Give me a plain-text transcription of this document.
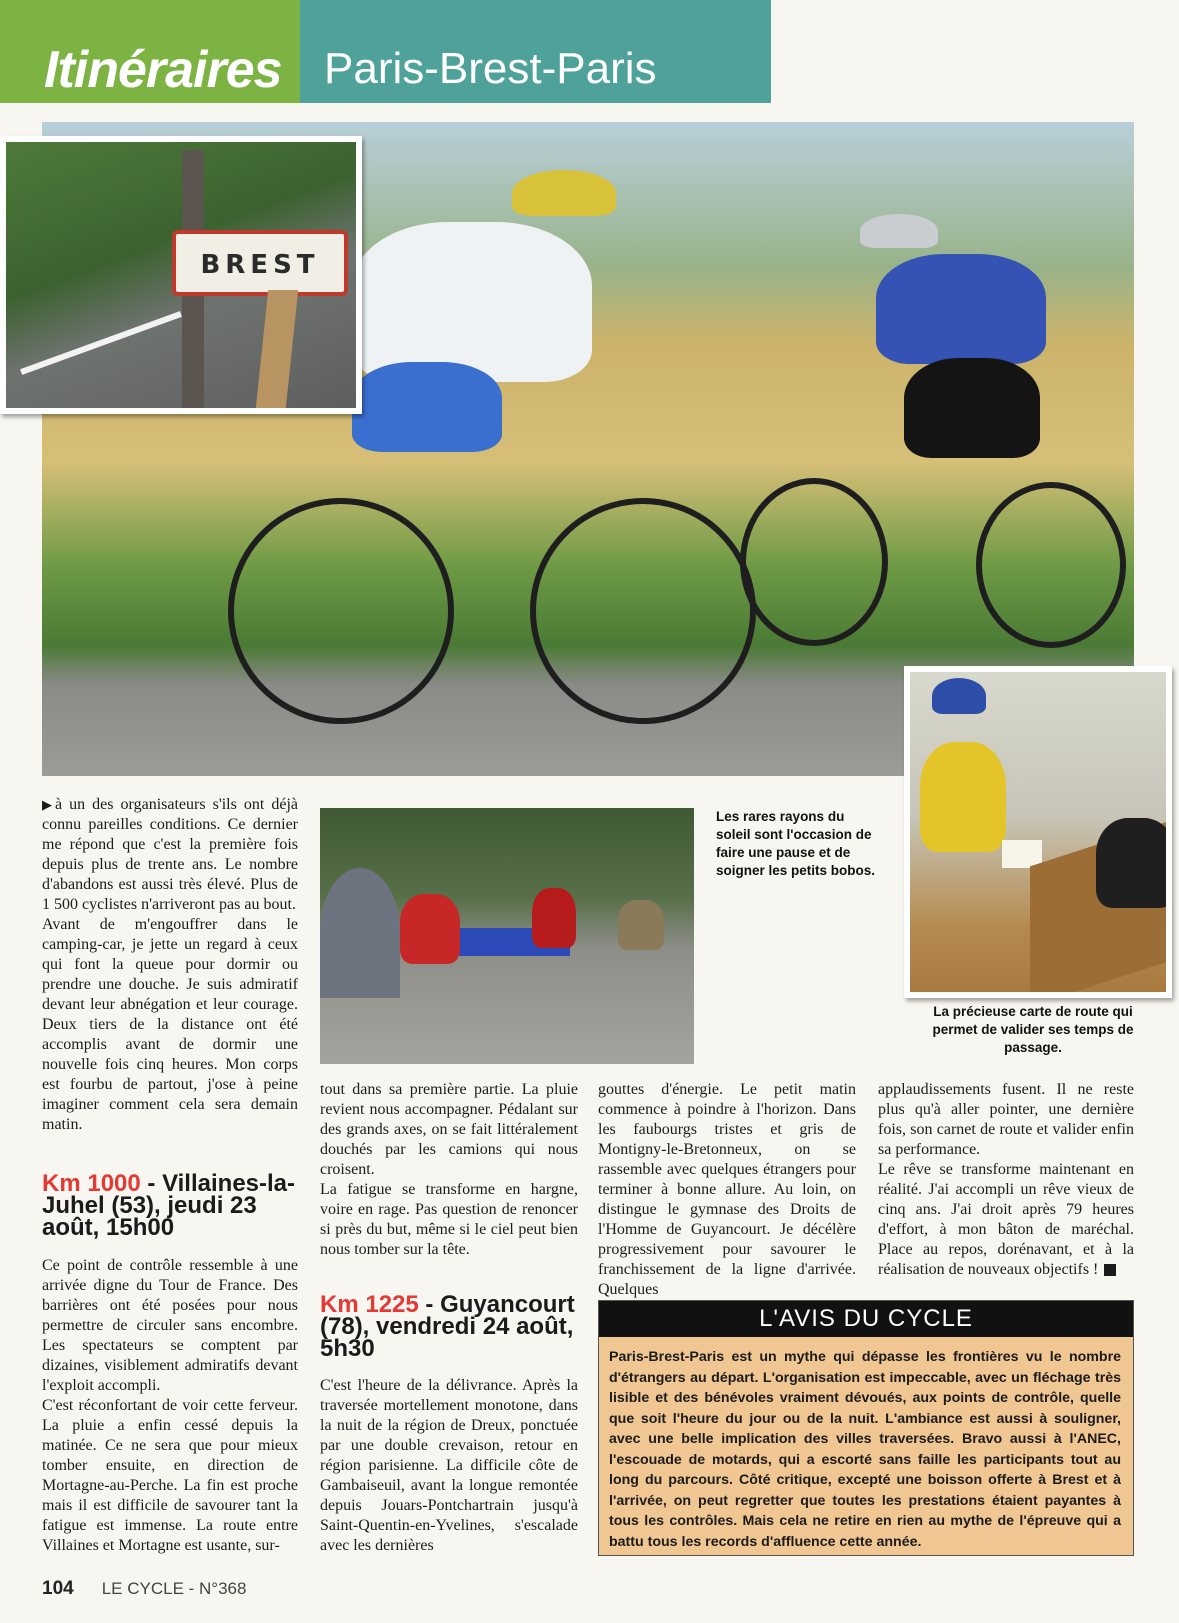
Itinéraires Paris-Brest-Paris
BREST
Les rares rayons du soleil sont l'occasion de faire une pause et de soigner les petits bobos.
La précieuse carte de route qui permet de valider ses temps de passage.

▶ à un des organisateurs s'ils ont déjà connu pareilles conditions. Ce dernier me répond que c'est la première fois depuis plus de trente ans. Le nombre d'abandons est aussi très élevé. Plus de 1 500 cyclistes n'arriveront pas au bout.

Avant de m'engouffrer dans le camping-car, je jette un regard à ceux qui font la queue pour dormir ou prendre une douche. Je suis admiratif devant leur abnégation et leur courage. Deux tiers de la distance ont été accomplis avant de dormir une nouvelle fois cinq heures. Mon corps est fourbu de partout, j'ose à peine imaginer comment cela sera demain matin.

Km 1000 - Villaines-la-Juhel (53), jeudi 23 août, 15h00

Ce point de contrôle ressemble à une arrivée digne du Tour de France. Des barrières ont été posées pour nous permettre de circuler sans encombre. Les spectateurs se comptent par dizaines, visiblement admiratifs devant l'exploit accompli.

C'est réconfortant de voir cette ferveur. La pluie a enfin cessé depuis la matinée. Ce ne sera que pour mieux tomber ensuite, en direction de Mortagne-au-Perche. La fin est proche mais il est difficile de savourer tant la fatigue est immense. La route entre Villaines et Mortagne est usante, sur-

tout dans sa première partie. La pluie revient nous accompagner. Pédalant sur des grands axes, on se fait littéralement douchés par les camions qui nous croisent.

La fatigue se transforme en hargne, voire en rage. Pas question de renoncer si près du but, même si le ciel peut bien nous tomber sur la tête.

Km 1225 - Guyancourt (78), vendredi 24 août, 5h30

C'est l'heure de la délivrance. Après la traversée mortellement monotone, dans la nuit de la région de Dreux, ponctuée par une double crevaison, retour en région parisienne. La difficile côte de Gambaiseuil, avant la longue remontée depuis Jouars-Pontchartrain jusqu'à Saint-Quentin-en-Yvelines, s'escalade avec les dernières

gouttes d'énergie. Le petit matin commence à poindre à l'horizon. Dans les faubourgs tristes et gris de Montigny-le-Bretonneux, on se rassemble avec quelques étrangers pour terminer à bonne allure. Au loin, on distingue le gymnase des Droits de l'Homme de Guyancourt. Je décélère progressivement pour savourer le franchissement de la ligne d'arrivée. Quelques

applaudissements fusent. Il ne reste plus qu'à aller pointer, une dernière fois, son carnet de route et valider enfin sa performance.

Le rêve se transforme maintenant en réalité. J'ai accompli un rêve vieux de cinq ans. J'ai droit après 79 heures d'effort, à mon bâton de maréchal. Place au repos, dorénavant, et à la réalisation de nouveaux objectifs !

L'AVIS DU CYCLE
Paris-Brest-Paris est un mythe qui dépasse les frontières vu le nombre d'étrangers au départ. L'organisation est impeccable, avec un fléchage très lisible et des bénévoles vraiment dévoués, aux points de contrôle, quelle que soit l'heure du jour ou de la nuit. L'ambiance est aussi à souligner, avec une belle implication des villes traversées. Bravo aussi à l'ANEC, l'escouade de motards, qui a escorté sans faille les participants tout au long du parcours. Côté critique, excepté une boisson offerte à Brest et à l'arrivée, on peut regretter que toutes les prestations étaient payantes à tous les contrôles. Mais cela ne retire en rien au mythe de l'épreuve qui a battu tous les records d'affluence cette année.
104 LE CYCLE - N°368
